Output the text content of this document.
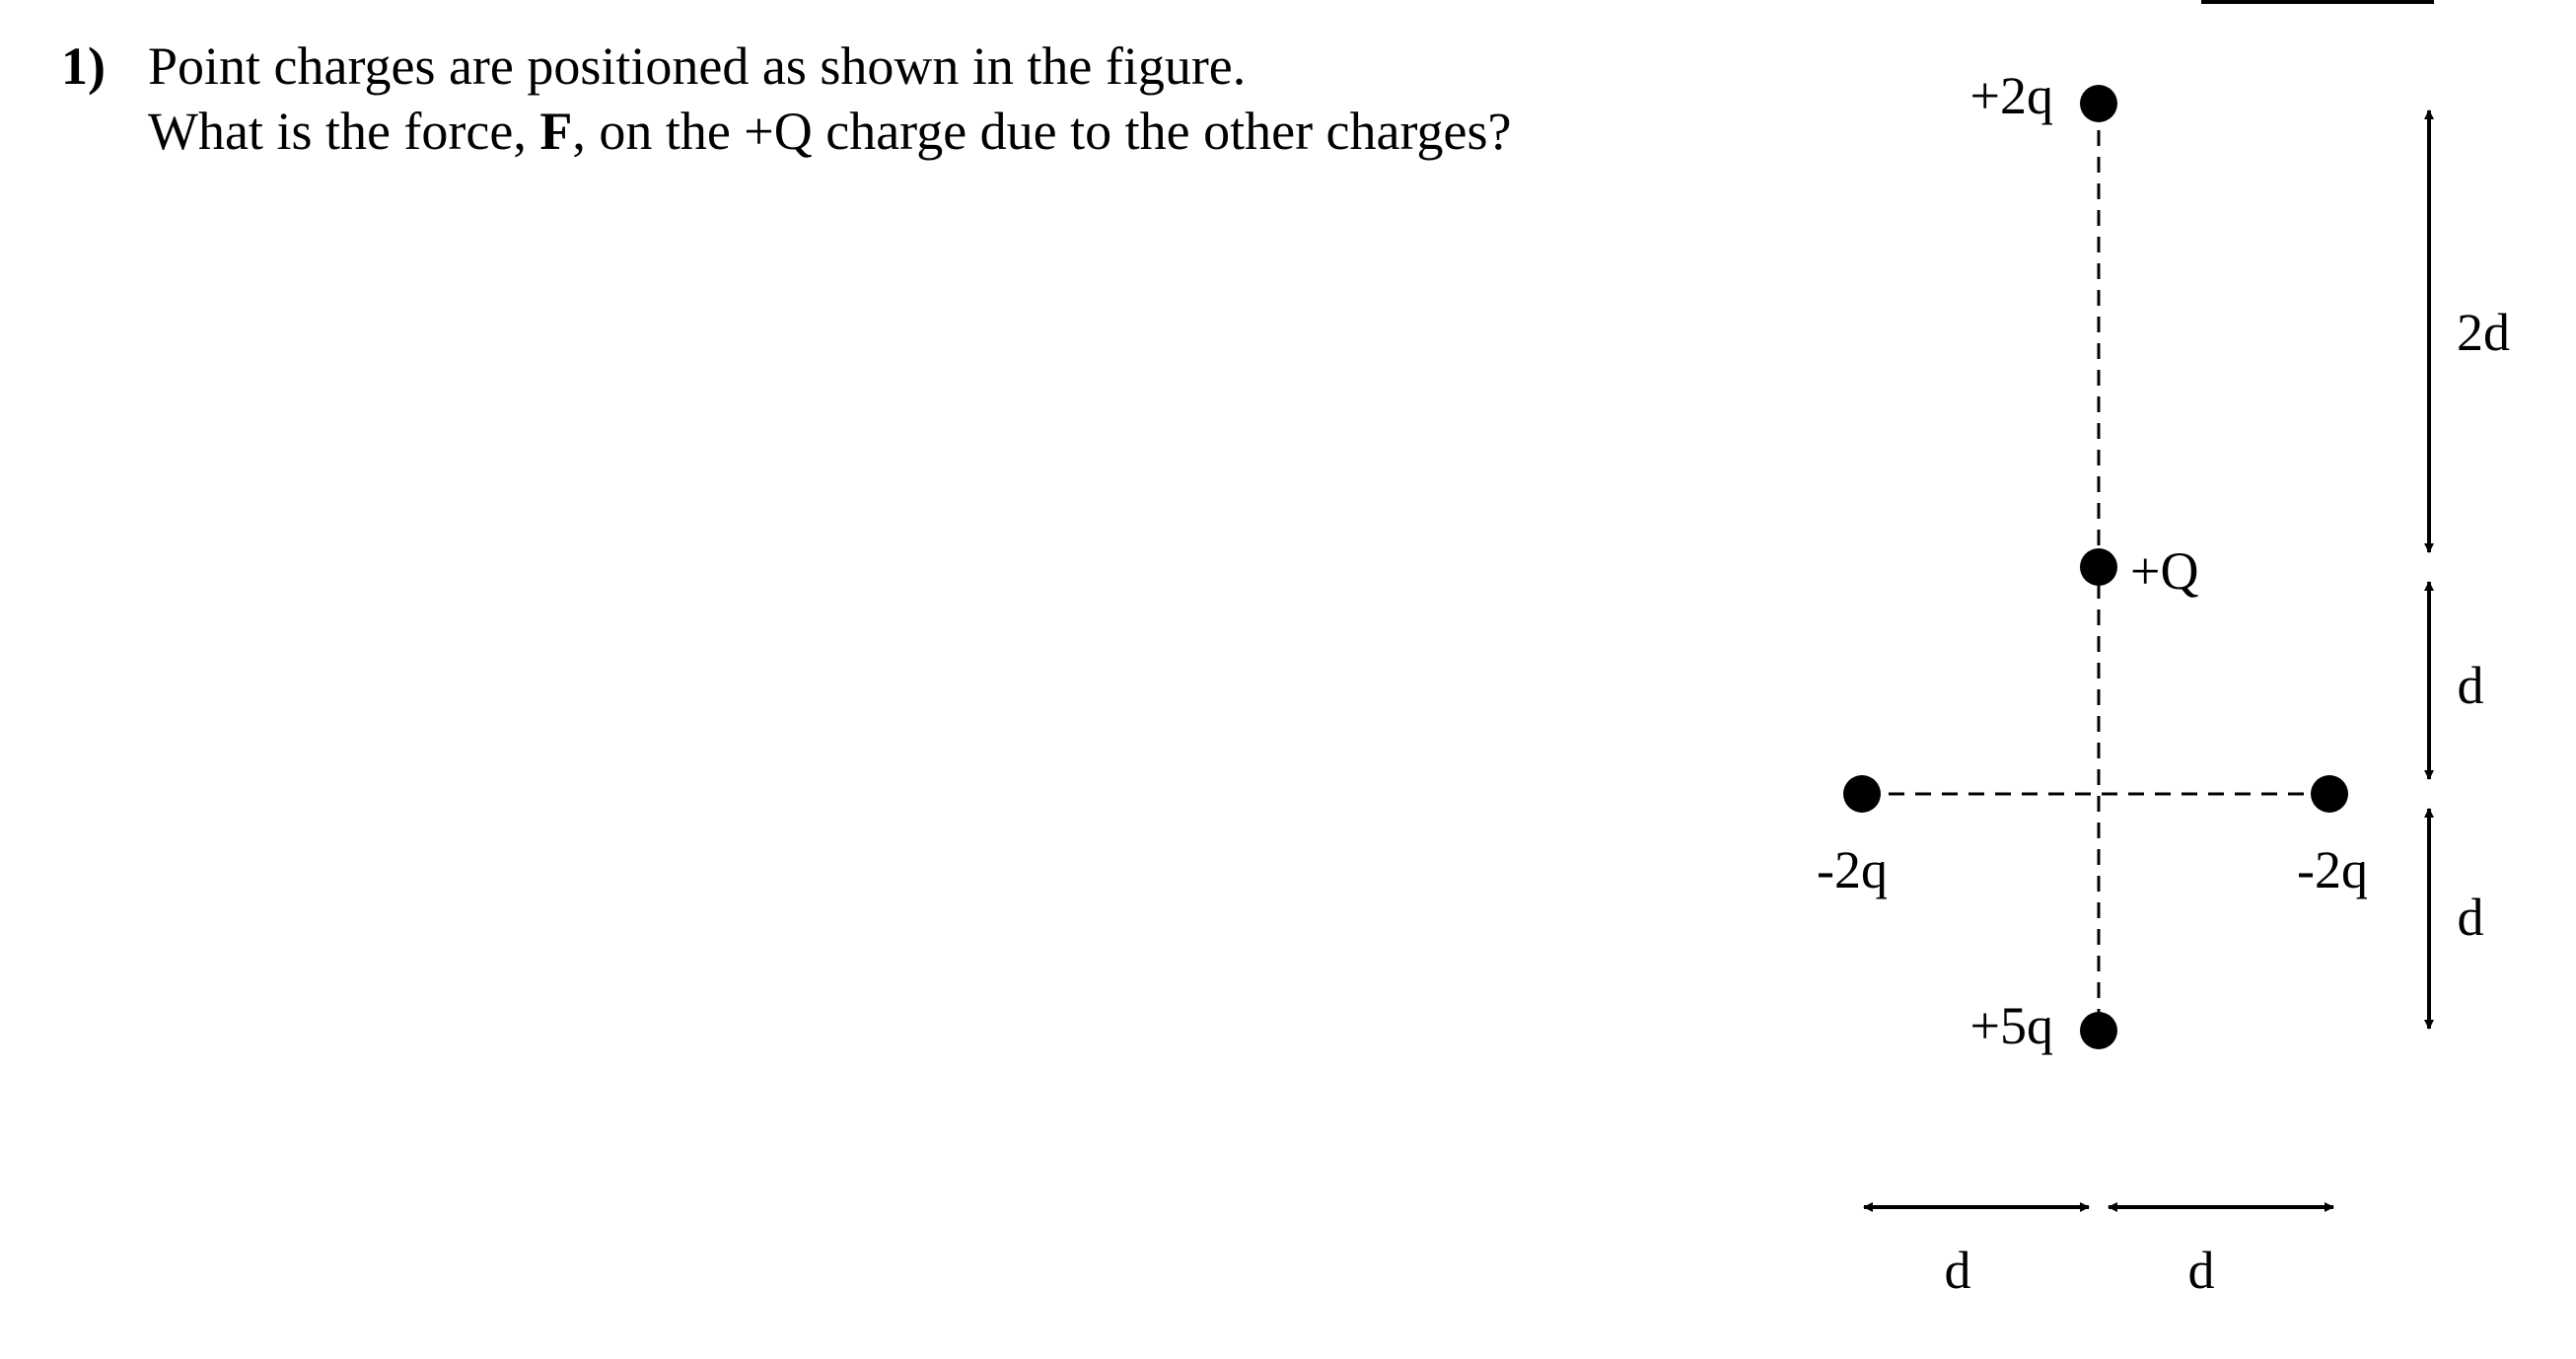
1) Point charges are positioned as shown in the figure.
What is the force, F, on the +Q charge due to the other charges?
+2q
+Q
-2q	-2q
+5q
2d
d
d
d	d
